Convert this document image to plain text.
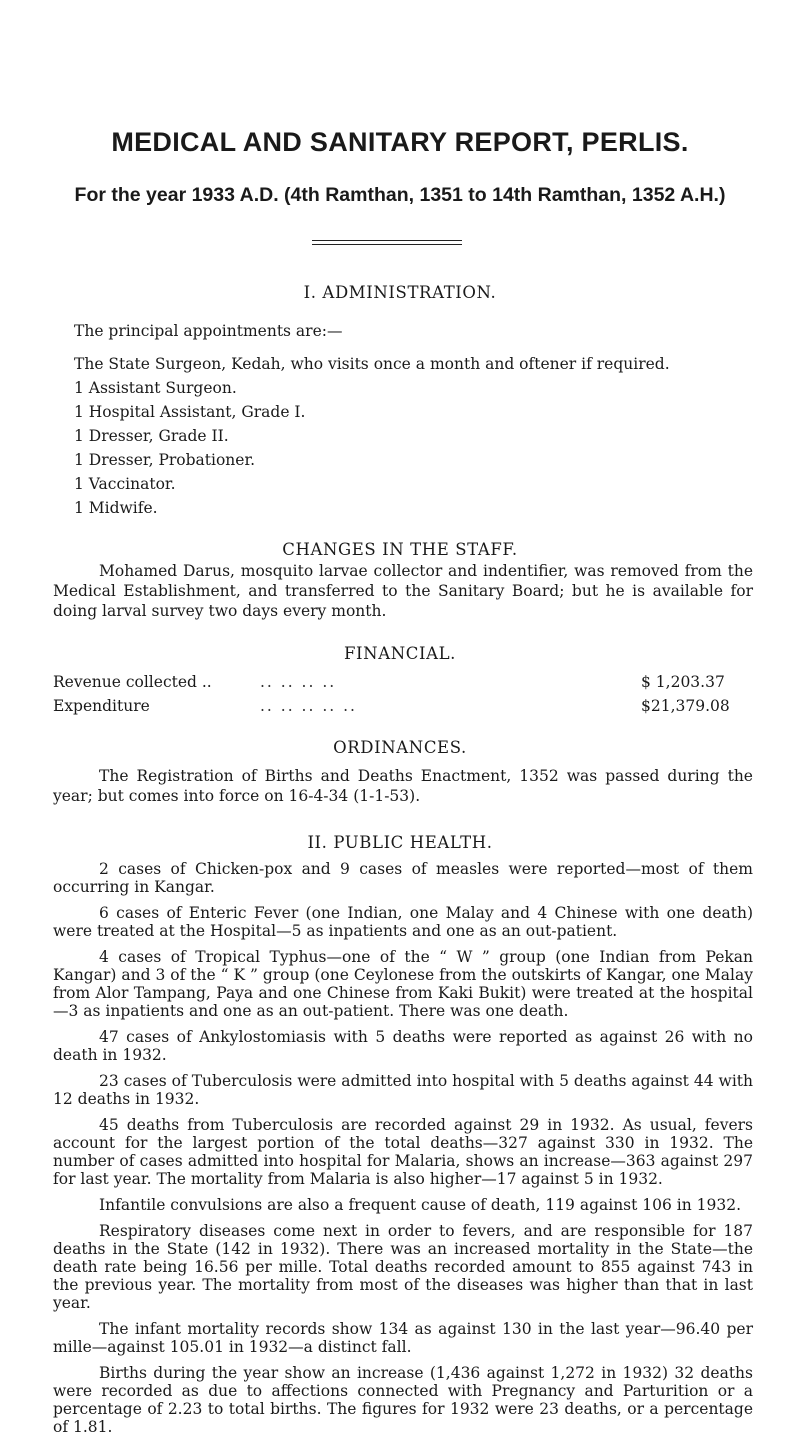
MEDICAL AND SANITARY REPORT, PERLIS.
For the year 1933 A.D. (4th Ramthan, 1351 to 14th Ramthan, 1352 A.H.)
I. ADMINISTRATION.
The principal appointments are:—
The State Surgeon, Kedah, who visits once a month and oftener if required.
1 Assistant Surgeon.
1 Hospital Assistant, Grade I.
1 Dresser, Grade II.
1 Dresser, Probationer.
1 Vaccinator.
1 Midwife.
CHANGES IN THE STAFF.

Mohamed Darus, mosquito larvae collector and indentifier, was removed from the Medical Establishment, and transferred to the Sanitary Board; but he is available for doing larval survey two days every month.

FINANCIAL.
Revenue collected ..	.. .. .. ..	$ 1,203.37
Expenditure	.. .. .. .. ..	$21,379.08
ORDINANCES.

The Registration of Births and Deaths Enactment, 1352 was passed during the year; but comes into force on 16-4-34 (1-1-53).

II. PUBLIC HEALTH.

2 cases of Chicken-pox and 9 cases of measles were reported—most of them occurring in Kangar.

6 cases of Enteric Fever (one Indian, one Malay and 4 Chinese with one death) were treated at the Hospital—5 as inpatients and one as an out-patient.

4 cases of Tropical Typhus—one of the “ W ” group (one Indian from Pekan Kangar) and 3 of the “ K ” group (one Ceylonese from the outskirts of Kangar, one Malay from Alor Tampang, Paya and one Chinese from Kaki Bukit) were treated at the hospital—3 as inpatients and one as an out-patient. There was one death.

47 cases of Ankylostomiasis with 5 deaths were reported as against 26 with no death in 1932.

23 cases of Tuberculosis were admitted into hospital with 5 deaths against 44 with 12 deaths in 1932.

45 deaths from Tuberculosis are recorded against 29 in 1932. As usual, fevers account for the largest portion of the total deaths—327 against 330 in 1932. The number of cases admitted into hospital for Malaria, shows an increase—363 against 297 for last year. The mortality from Malaria is also higher—17 against 5 in 1932.

Infantile convulsions are also a frequent cause of death, 119 against 106 in 1932.

Respiratory diseases come next in order to fevers, and are responsible for 187 deaths in the State (142 in 1932). There was an increased mortality in the State—the death rate being 16.56 per mille. Total deaths recorded amount to 855 against 743 in the previous year. The mortality from most of the diseases was higher than that in last year.

The infant mortality records show 134 as against 130 in the last year—96.40 per mille—against 105.01 in 1932—a distinct fall.

Births during the year show an increase (1,436 against 1,272 in 1932) 32 deaths were recorded as due to affections connected with Pregnancy and Parturition or a percentage of 2.23 to total births. The figures for 1932 were 23 deaths, or a percentage of 1.81.
